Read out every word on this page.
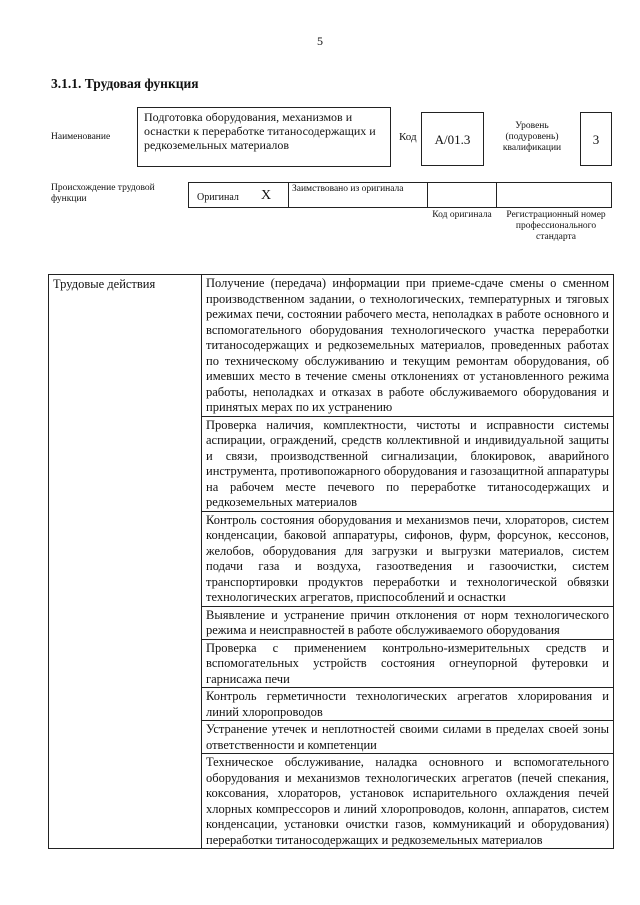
5
3.1.1. Трудовая функция
Наименование
Подготовка оборудования, механизмов и оснастки к переработке титаносодержащих и редкоземельных материалов
Код	A/01.3
Уровень (подуровень) квалификации
3
Происхождение трудовой функции	Оригинал X Заимствовано из оригинала
Код оригинала	Регистрационный номер профессионального стандарта
Трудовые действия	Получение (передача) информации при приеме-сдаче смены о сменном производственном задании, о технологических, температурных и тяговых режимах печи, состоянии рабочего места, неполадках в работе основного и вспомогательного оборудования технологического участка переработки титаносодержащих и редкоземельных материалов, проведенных работах по техническому обслуживанию и текущим ремонтам оборудования, об имевших место в течение смены отклонениях от установленного режима работы, неполадках и отказах в работе обслуживаемого оборудования и принятых мерах по их устранению
Проверка наличия, комплектности, чистоты и исправности системы аспирации, ограждений, средств коллективной и индивидуальной защиты и связи, производственной сигнализации, блокировок, аварийного инструмента, противопожарного оборудования и газозащитной аппаратуры на рабочем месте печевого по переработке титаносодержащих и редкоземельных материалов
Контроль состояния оборудования и механизмов печи, хлораторов, систем конденсации, баковой аппаратуры, сифонов, фурм, форсунок, кессонов, желобов, оборудования для загрузки и выгрузки материалов, систем подачи газа и воздуха, газоотведения и газоочистки, систем транспортировки продуктов переработки и технологической обвязки технологических агрегатов, приспособлений и оснастки
Выявление и устранение причин отклонения от норм технологического режима и неисправностей в работе обслуживаемого оборудования
Проверка с применением контрольно-измерительных средств и вспомогательных устройств состояния огнеупорной футеровки и гарнисажа печи
Контроль герметичности технологических агрегатов хлорирования и линий хлоропроводов
Устранение утечек и неплотностей своими силами в пределах своей зоны ответственности и компетенции
Техническое обслуживание, наладка основного и вспомогательного оборудования и механизмов технологических агрегатов (печей спекания, коксования, хлораторов, установок испарительного охлаждения печей хлорных компрессоров и линий хлоропроводов, колонн, аппаратов, систем конденсации, установки очистки газов, коммуникаций и оборудования) переработки титаносодержащих и редкоземельных материалов
